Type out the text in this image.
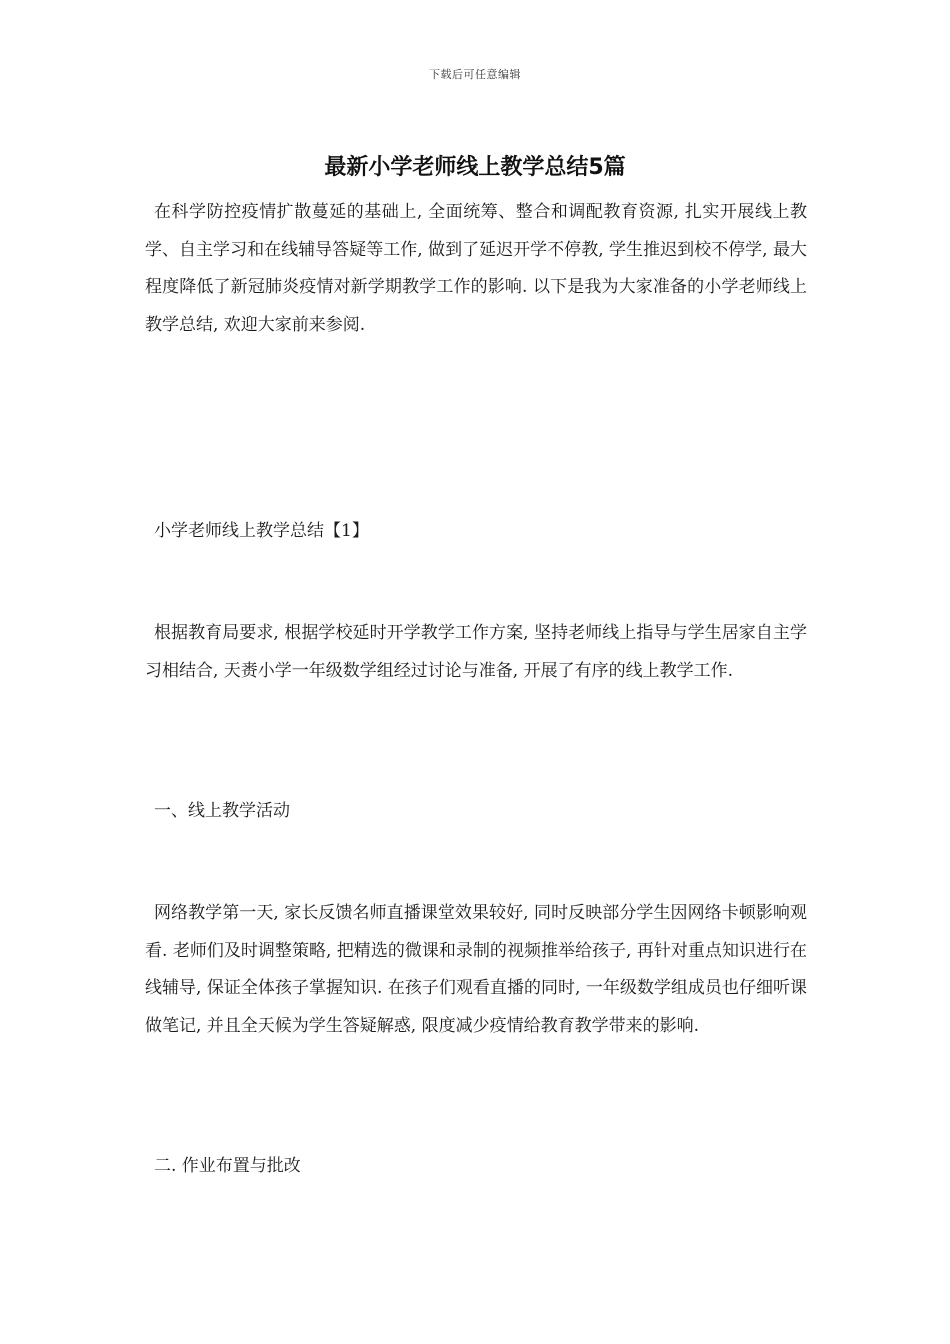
下载后可任意编辑
最新小学老师线上教学总结5篇

在科学防控疫情扩散蔓延的基础上, 全面统筹、整合和调配教育资源, 扎实开展线上教学、自主学习和在线辅导答疑等工作, 做到了延迟开学不停教, 学生推迟到校不停学, 最大程度降低了新冠肺炎疫情对新学期教学工作的影响. 以下是我为大家准备的小学老师线上教学总结, 欢迎大家前来参阅.

小学老师线上教学总结【1】

根据教育局要求, 根据学校延时开学教学工作方案, 坚持老师线上指导与学生居家自主学习相结合, 天赉小学一年级数学组经过讨论与准备, 开展了有序的线上教学工作.

一、线上教学活动

网络教学第一天, 家长反馈名师直播课堂效果较好, 同时反映部分学生因网络卡顿影响观看. 老师们及时调整策略, 把精选的微课和录制的视频推举给孩子, 再针对重点知识进行在线辅导, 保证全体孩子掌握知识. 在孩子们观看直播的同时, 一年级数学组成员也仔细听课做笔记, 并且全天候为学生答疑解惑, 限度减少疫情给教育教学带来的影响.

二. 作业布置与批改
